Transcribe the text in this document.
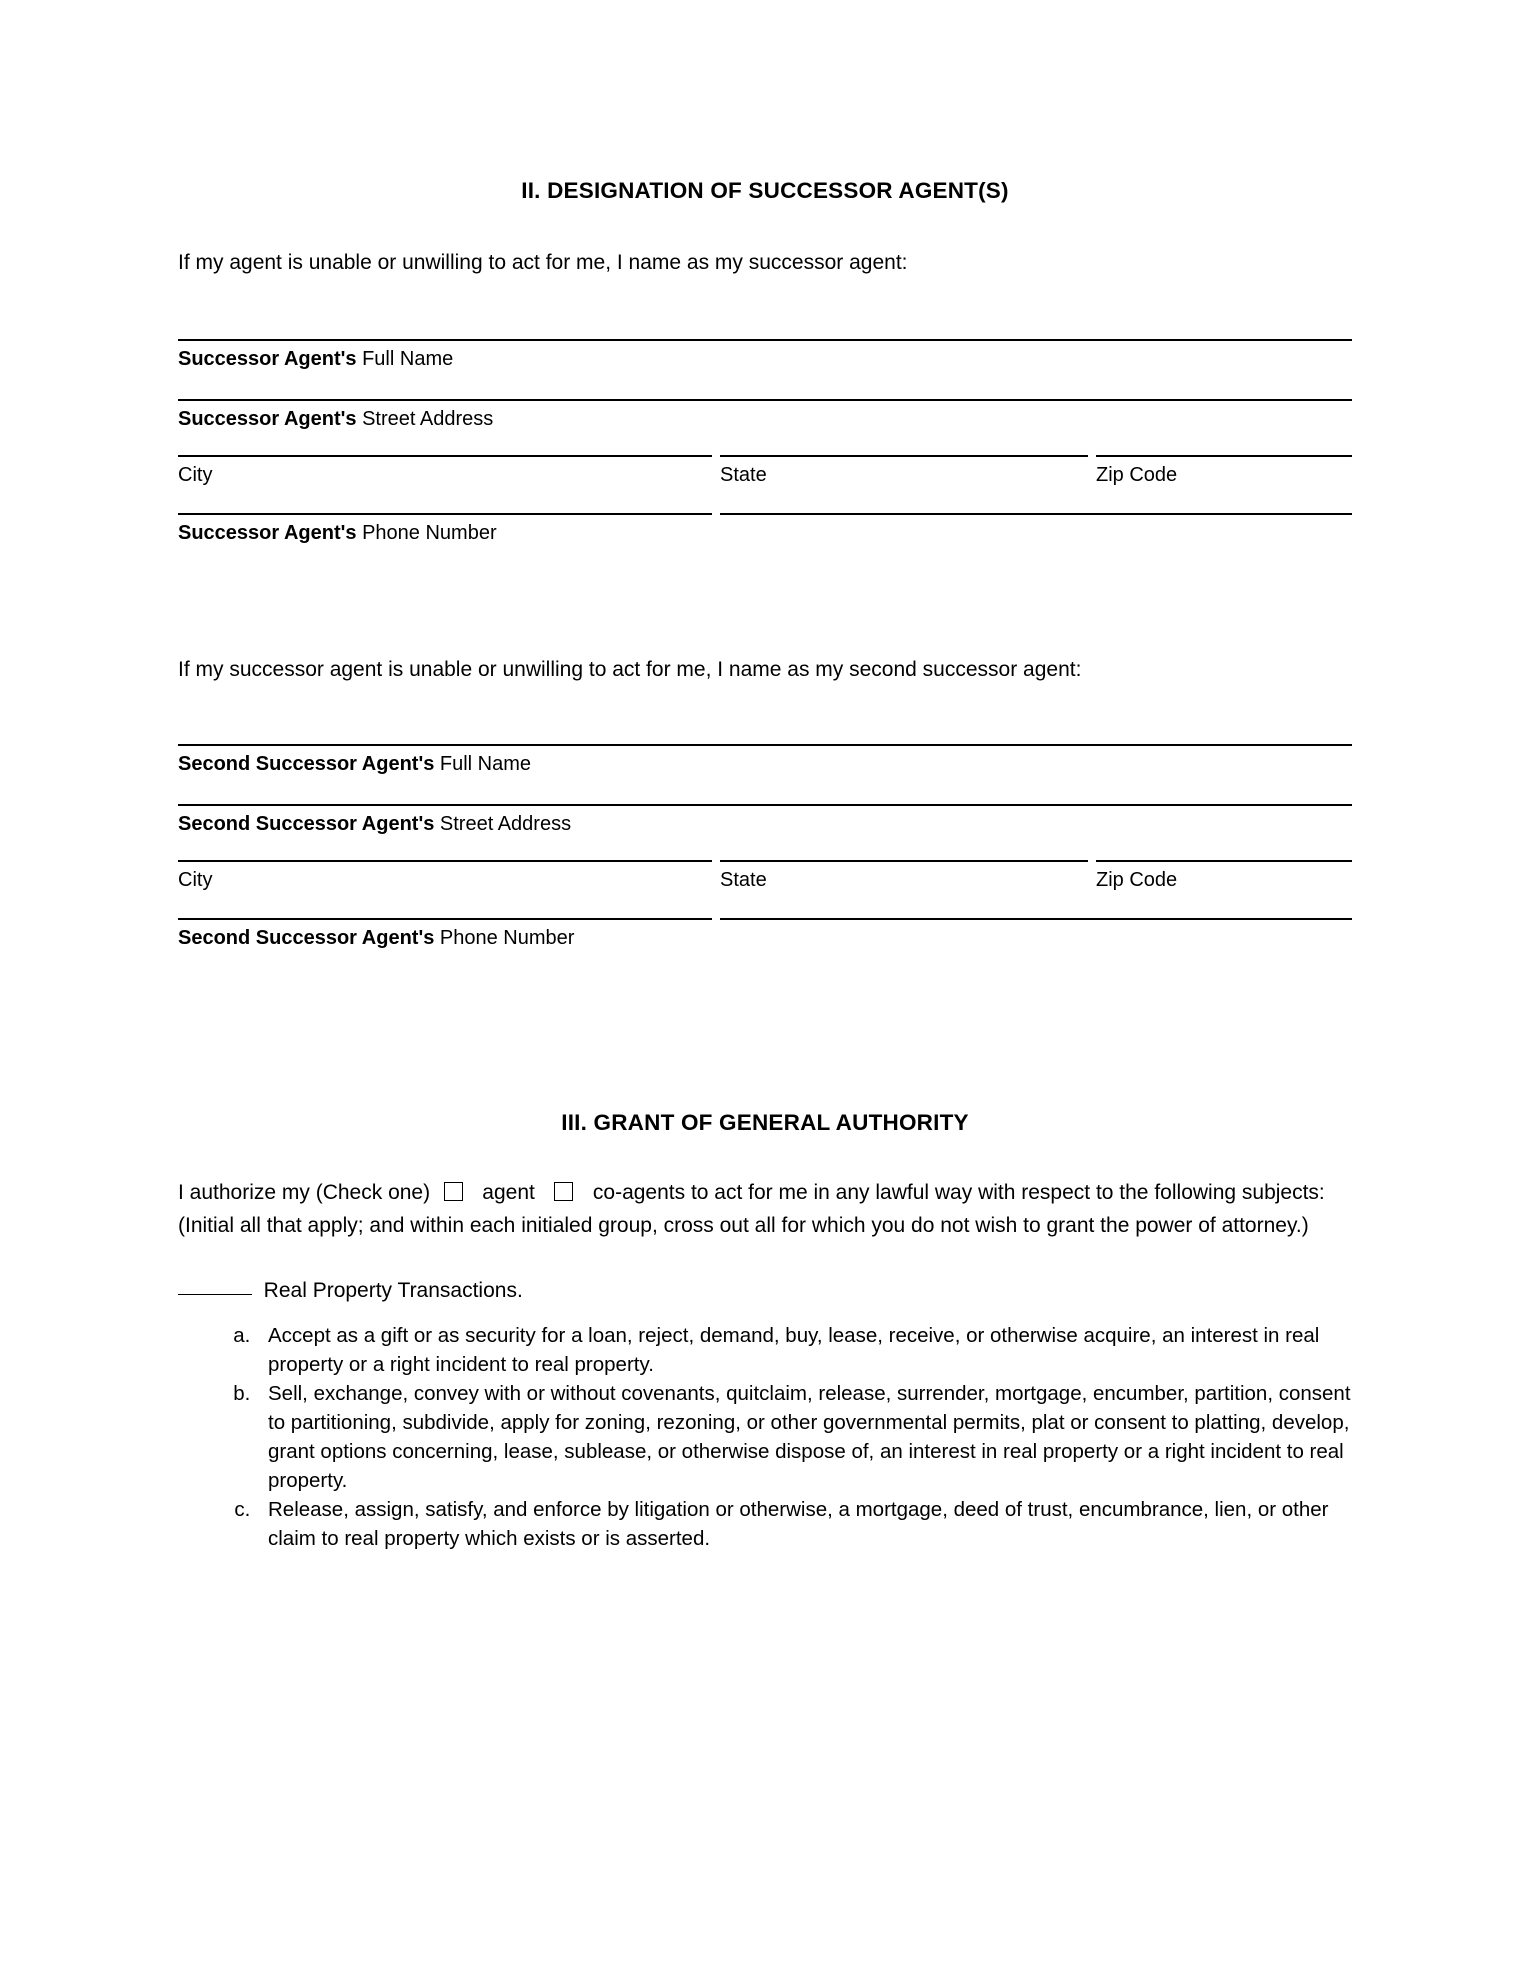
II. DESIGNATION OF SUCCESSOR AGENT(S)

If my agent is unable or unwilling to act for me, I name as my successor agent:

Successor Agent's Full Name
Successor Agent's Street Address
City	State	Zip Code
Successor Agent's Phone Number

If my successor agent is unable or unwilling to act for me, I name as my second successor agent:

Second Successor Agent's Full Name
Second Successor Agent's Street Address
City	State	Zip Code
Second Successor Agent's Phone Number
III. GRANT OF GENERAL AUTHORITY

I authorize my (Check one) agent	co-agents to act for me in any lawful way with respect to the following subjects: (Initial all that apply; and within each initialed group, cross out all for which you do not wish to grant the power of attorney.)

Real Property Transactions.

a. Accept as a gift or as security for a loan, reject, demand, buy, lease, receive, or otherwise acquire, an interest in real property or a right incident to real property.
b. Sell, exchange, convey with or without covenants, quitclaim, release, surrender, mortgage, encumber, partition, consent to partitioning, subdivide, apply for zoning, rezoning, or other governmental permits, plat or consent to platting, develop, grant options concerning, lease, sublease, or otherwise dispose of, an interest in real property or a right incident to real property.
c. Release, assign, satisfy, and enforce by litigation or otherwise, a mortgage, deed of trust, encumbrance, lien, or other claim to real property which exists or is asserted.
